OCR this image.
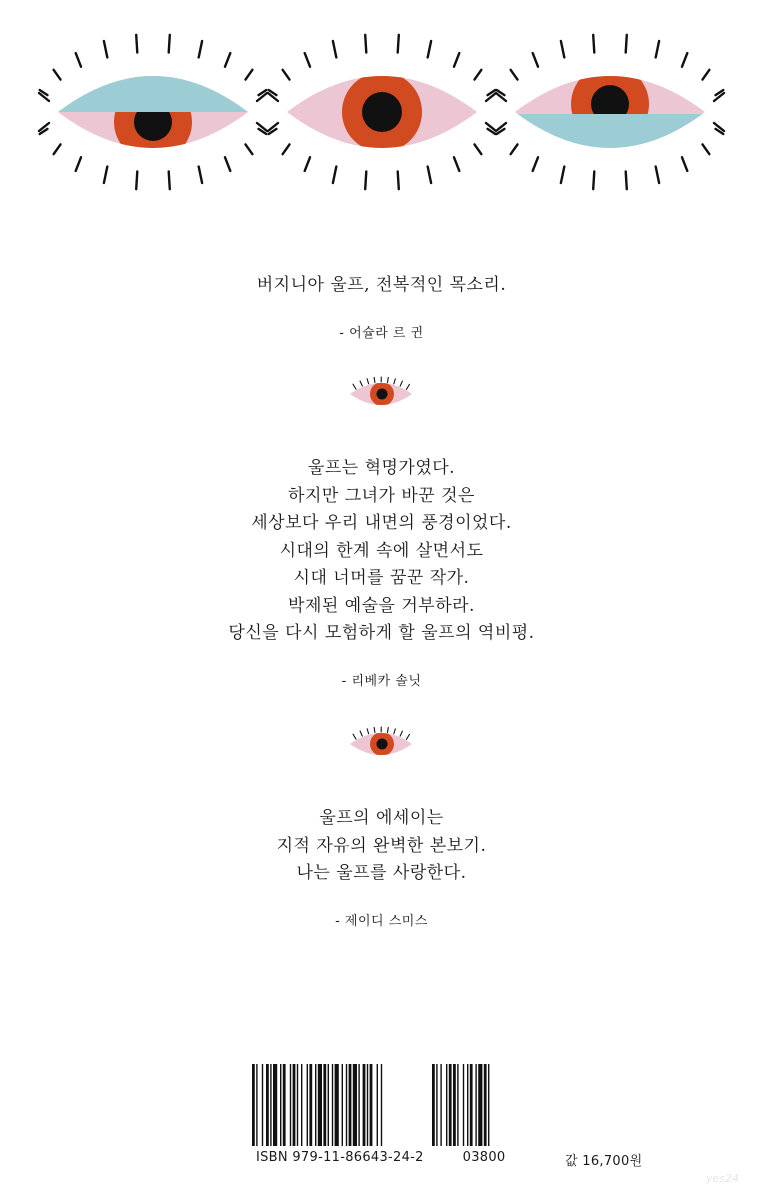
버지니아 울프, 전복적인 목소리.

- 어슐라 르 귄

울프는 혁명가였다.

하지만 그녀가 바꾼 것은

세상보다 우리 내면의 풍경이었다.

시대의 한계 속에 살면서도

시대 너머를 꿈꾼 작가.

박제된 예술을 거부하라.

당신을 다시 모험하게 할 울프의 역비평.

- 리베카 솔닛

울프의 에세이는

지적 자유의 완벽한 본보기.

나는 울프를 사랑한다.

- 제이디 스미스
ISBN 979-11-86643-24-2	03800	값 16,700원
yes24
